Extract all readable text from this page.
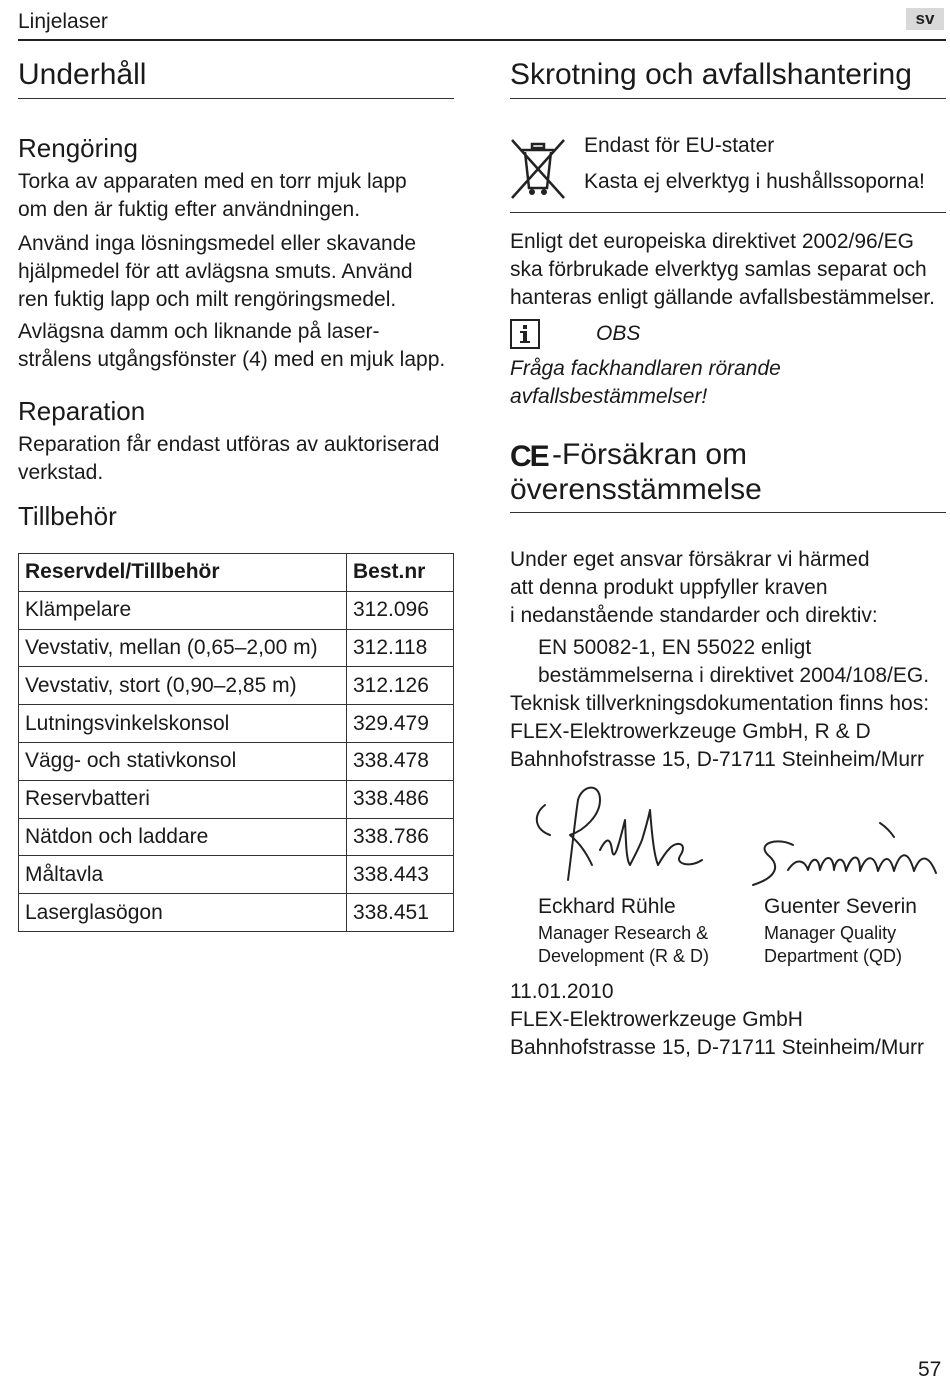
Linjelaser	sv
Underhåll
Rengöring
Torka av apparaten med en torr mjuk lapp
om den är fuktig efter användningen.
Använd inga lösningsmedel eller skavande
hjälpmedel för att avlägsna smuts. Använd
ren fuktig lapp och milt rengöringsmedel.
Avlägsna damm och liknande på laser-
strålens utgångsfönster (4) med en mjuk lapp.
Reparation
Reparation får endast utföras av auktoriserad
verkstad.
Tillbehör
Reservdel/Tillbehör	Best.nr
Klämpelare	312.096
Vevstativ, mellan (0,65–2,00 m)	312.118
Vevstativ, stort (0,90–2,85 m)	312.126
Lutningsvinkelskonsol	329.479
Vägg- och stativkonsol	338.478
Reservbatteri	338.486
Nätdon och laddare	338.786
Måltavla	338.443
Laserglasögon	338.451
Skrotning och avfallshantering
Endast för EU-stater
Kasta ej elverktyg i hushållssoporna!
Enligt det europeiska direktivet 2002/96/EG
ska förbrukade elverktyg samlas separat och
hanteras enligt gällande avfallsbestämmelser.
OBS
Fråga fackhandlaren rörande
avfallsbestämmelser!
CE -Försäkran om
överensstämmelse
Under eget ansvar försäkrar vi härmed
att denna produkt uppfyller kraven
i nedanstående standarder och direktiv:
EN 50082-1, EN 55022 enligt
bestämmelserna i direktivet 2004/108/EG.
Teknisk tillverkningsdokumentation finns hos:
FLEX-Elektrowerkzeuge GmbH, R & D
Bahnhofstrasse 15, D-71711 Steinheim/Murr
Eckhard Rühle
Manager Research &
Development (R & D)
Guenter Severin
Manager Quality
Department (QD)
11.01.2010
FLEX-Elektrowerkzeuge GmbH
Bahnhofstrasse 15, D-71711 Steinheim/Murr
57
